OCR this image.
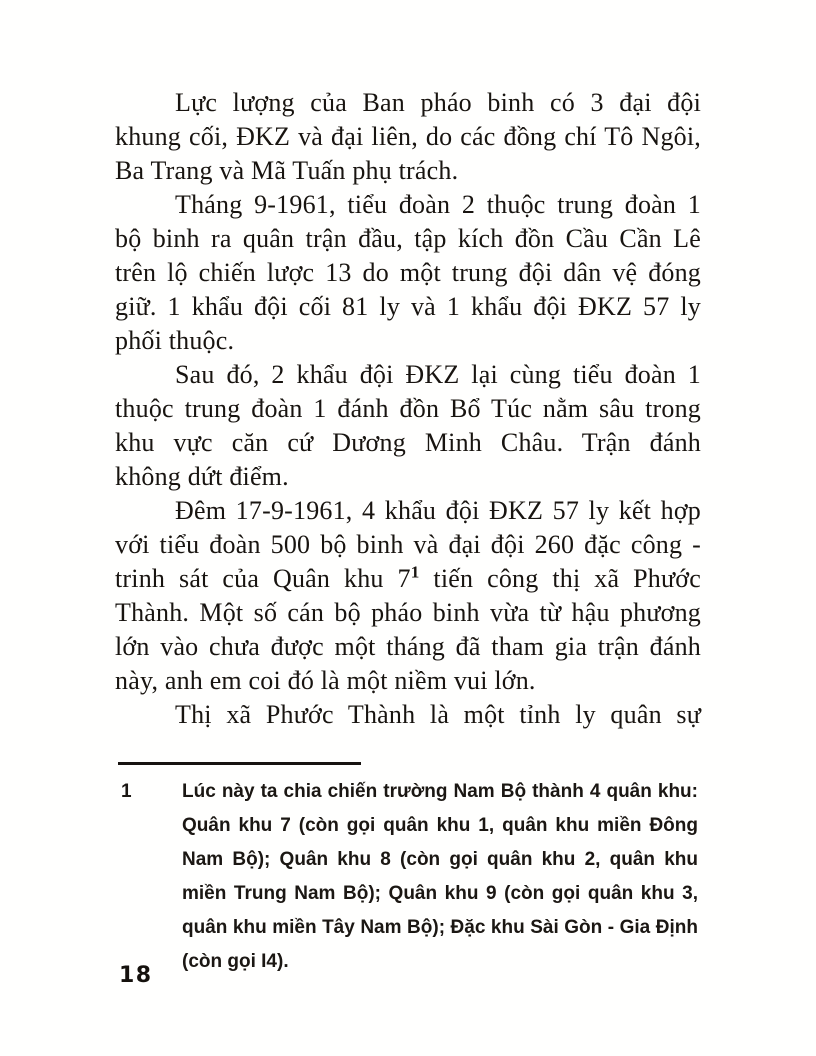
Lực lượng của Ban pháo binh có 3 đại đội
khung cối, ĐKZ và đại liên, do các đồng chí Tô Ngôi,
Ba Trang và Mã Tuấn phụ trách.
Tháng 9-1961, tiểu đoàn 2 thuộc trung đoàn 1
bộ binh ra quân trận đầu, tập kích đồn Cầu Cần Lê
trên lộ chiến lược 13 do một trung đội dân vệ đóng
giữ. 1 khẩu đội cối 81 ly và 1 khẩu đội ĐKZ 57 ly
phối thuộc.
Sau đó, 2 khẩu đội ĐKZ lại cùng tiểu đoàn 1
thuộc trung đoàn 1 đánh đồn Bổ Túc nằm sâu trong
khu vực căn cứ Dương Minh Châu. Trận đánh
không dứt điểm.
Đêm 17-9-1961, 4 khẩu đội ĐKZ 57 ly kết hợp
với tiểu đoàn 500 bộ binh và đại đội 260 đặc công -
trinh sát của Quân khu $7^1$ tiến công thị xã Phước
Thành. Một số cán bộ pháo binh vừa từ hậu phương
lớn vào chưa được một tháng đã tham gia trận đánh
này, anh em coi đó là một niềm vui lớn.
Thị xã Phước Thành là một tỉnh ly quân sự
1	Lúc này ta chia chiến trường Nam Bộ thành 4 quân khu:
Quân khu 7 (còn gọi quân khu 1, quân khu miền Đông
Nam Bộ); Quân khu 8 (còn gọi quân khu 2, quân khu
miền Trung Nam Bộ); Quân khu 9 (còn gọi quân khu 3,
quân khu miền Tây Nam Bộ); Đặc khu Sài Gòn - Gia Định
(còn gọi I4).
18
